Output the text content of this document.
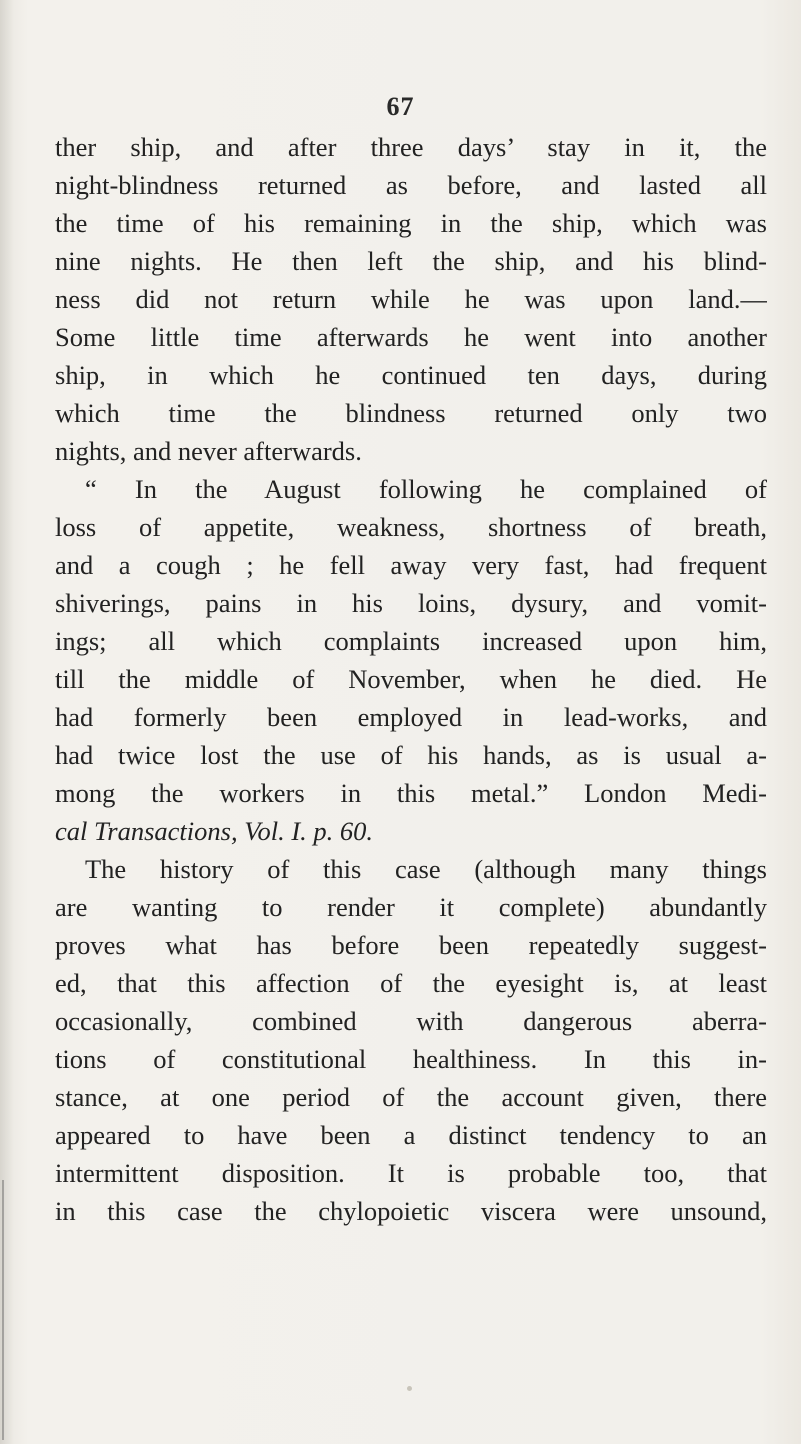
67
ther ship, and after three days’ stay in it, the
night-blindness returned as before, and lasted all
the time of his remaining in the ship, which was
nine nights. He then left the ship, and his blind-
ness did not return while he was upon land.—
Some little time afterwards he went into another
ship, in which he continued ten days, during
which time the blindness returned only two
nights, and never afterwards.
“ In the August following he complained of
loss of appetite, weakness, shortness of breath,
and a cough ; he fell away very fast, had frequent
shiverings, pains in his loins, dysury, and vomit-
ings; all which complaints increased upon him,
till the middle of November, when he died. He
had formerly been employed in lead-works, and
had twice lost the use of his hands, as is usual a-
mong the workers in this metal.” London Medi-
cal Transactions, Vol. I. p. 60.
The history of this case (although many things
are wanting to render it complete) abundantly
proves what has before been repeatedly suggest-
ed, that this affection of the eyesight is, at least
occasionally, combined with dangerous aberra-
tions of constitutional healthiness. In this in-
stance, at one period of the account given, there
appeared to have been a distinct tendency to an
intermittent disposition. It is probable too, that
in this case the chylopoietic viscera were unsound,
